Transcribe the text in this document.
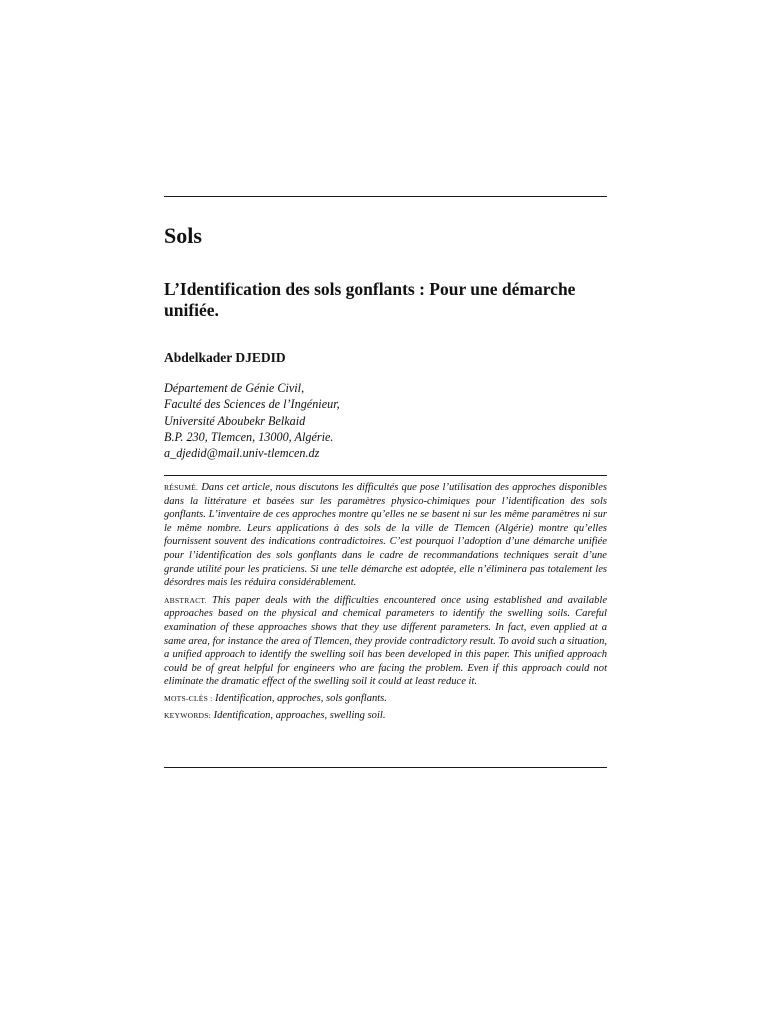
Sols
L’Identification des sols gonflants : Pour une démarche unifiée.
Abdelkader DJEDID
Département de Génie Civil,
Faculté des Sciences de l’Ingénieur,
Université Aboubekr Belkaid
B.P. 230, Tlemcen, 13000, Algérie.
a_djedid@mail.univ-tlemcen.dz

RÉSUMÉ. Dans cet article, nous discutons les difficultés que pose l’utilisation des approches disponibles dans la littérature et basées sur les paramètres physico-chimiques pour l’identification des sols gonflants. L’inventaire de ces approches montre qu’elles ne se basent ni sur les même paramètres ni sur le même nombre. Leurs applications à des sols de la ville de Tlemcen (Algérie) montre qu’elles fournissent souvent des indications contradictoires. C’est pourquoi l’adoption d’une démarche unifiée pour l’identification des sols gonflants dans le cadre de recommandations techniques serait d’une grande utilité pour les praticiens. Si une telle démarche est adoptée, elle n’éliminera pas totalement les désordres mais les réduira considérablement.

ABSTRACT. This paper deals with the difficulties encountered once using established and available approaches based on the physical and chemical parameters to identify the swelling soils. Careful examination of these approaches shows that they use different parameters. In fact, even applied at a same area, for instance the area of Tlemcen, they provide contradictory result. To avoid such a situation, a unified approach to identify the swelling soil has been developed in this paper. This unified approach could be of great helpful for engineers who are facing the problem. Even if this approach could not eliminate the dramatic effect of the swelling soil it could at least reduce it.

MOTS-CLÉS : Identification, approches, sols gonflants.

KEYWORDS: Identification, approaches, swelling soil.
